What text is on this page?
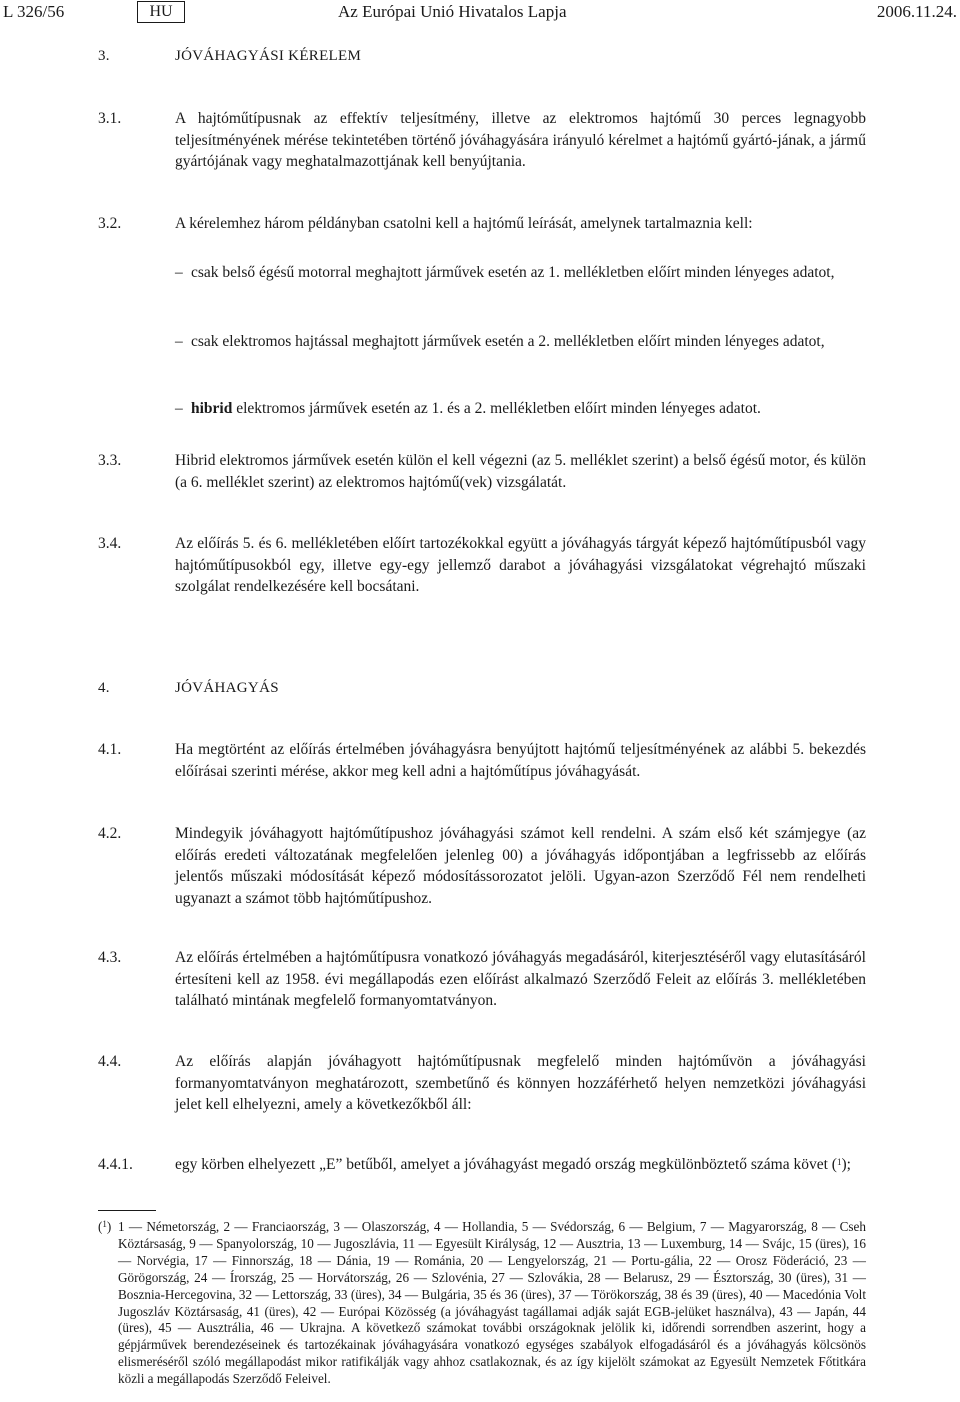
L 326/56	HU	Az Európai Unió Hivatalos Lapja	2006.11.24.
3.	JÓVÁHAGYÁSI KÉRELEM
3.1.	A hajtóműtípusnak az effektív teljesítmény, illetve az elektromos hajtómű 30 perces legnagyobb teljesítményének mérése tekintetében történő jóváhagyására irányuló kérelmet a hajtómű gyártó-jának, a jármű gyártójának vagy meghatalmazottjának kell benyújtania.
3.2.	A kérelemhez három példányban csatolni kell a hajtómű leírását, amelynek tartalmaznia kell:
– csak belső égésű motorral meghajtott járművek esetén az 1. mellékletben előírt minden lényeges adatot,
– csak elektromos hajtással meghajtott járművek esetén a 2. mellékletben előírt minden lényeges adatot,
– hibrid elektromos járművek esetén az 1. és a 2. mellékletben előírt minden lényeges adatot.
3.3.	Hibrid elektromos járművek esetén külön el kell végezni (az 5. melléklet szerint) a belső égésű motor, és külön (a 6. melléklet szerint) az elektromos hajtómű(vek) vizsgálatát.
3.4.	Az előírás 5. és 6. mellékletében előírt tartozékokkal együtt a jóváhagyás tárgyát képező hajtóműtípusból vagy hajtóműtípusokból egy, illetve egy-egy jellemző darabot a jóváhagyási vizsgálatokat végrehajtó műszaki szolgálat rendelkezésére kell bocsátani.
4.	JÓVÁHAGYÁS
4.1.	Ha megtörtént az előírás értelmében jóváhagyásra benyújtott hajtómű teljesítményének az alábbi 5. bekezdés előírásai szerinti mérése, akkor meg kell adni a hajtóműtípus jóváhagyását.
4.2.	Mindegyik jóváhagyott hajtóműtípushoz jóváhagyási számot kell rendelni. A szám első két számjegye (az előírás eredeti változatának megfelelően jelenleg 00) a jóváhagyás időpontjában a legfrissebb az előírás jelentős műszaki módosítását képező módosítássorozatot jelöli. Ugyan-azon Szerződő Fél nem rendelheti ugyanazt a számot több hajtóműtípushoz.
4.3.	Az előírás értelmében a hajtóműtípusra vonatkozó jóváhagyás megadásáról, kiterjesztéséről vagy elutasításáról értesíteni kell az 1958. évi megállapodás ezen előírást alkalmazó Szerződő Feleit az előírás 3. mellékletében található mintának megfelelő formanyomtatványon.
4.4.	Az előírás alapján jóváhagyott hajtóműtípusnak megfelelő minden hajtóművön a jóváhagyási formanyomtatványon meghatározott, szembetűnő és könnyen hozzáférhető helyen nemzetközi jóváhagyási jelet kell elhelyezni, amely a következőkből áll:
4.4.1.	egy körben elhelyezett „E” betűből, amelyet a jóváhagyást megadó ország megkülönböztető száma követ ($^1$);
($^1$) 1 — Németország, 2 — Franciaország, 3 — Olaszország, 4 — Hollandia, 5 — Svédország, 6 — Belgium, 7 — Magyarország, 8 — Cseh Köztársaság, 9 — Spanyolország, 10 — Jugoszlávia, 11 — Egyesült Királyság, 12 — Ausztria, 13 — Luxemburg, 14 — Svájc, 15 (üres), 16 — Norvégia, 17 — Finnország, 18 — Dánia, 19 — Románia, 20 — Lengyelország, 21 — Portu-gália, 22 — Orosz Föderáció, 23 — Görögország, 24 — Írország, 25 — Horvátország, 26 — Szlovénia, 27 — Szlovákia, 28 — Belarusz, 29 — Észtország, 30 (üres), 31 — Bosznia-Hercegovina, 32 — Lettország, 33 (üres), 34 — Bulgária, 35 és 36 (üres), 37 — Törökország, 38 és 39 (üres), 40 — Macedónia Volt Jugoszláv Köztársaság, 41 (üres), 42 — Európai Közösség (a jóváhagyást tagállamai adják saját EGB-jelüket használva), 43 — Japán, 44 (üres), 45 — Ausztrália, 46 — Ukrajna. A következő számokat további országoknak jelölik ki, időrendi sorrendben aszerint, hogy a gépjárművek berendezéseinek és tartozékainak jóváhagyására vonatkozó egységes szabályok elfogadásáról és a jóváhagyás kölcsönös elismeréséről szóló megállapodást mikor ratifikálják vagy ahhoz csatlakoznak, és az így kijelölt számokat az Egyesült Nemzetek Főtitkára közli a megállapodás Szerződő Feleivel.
